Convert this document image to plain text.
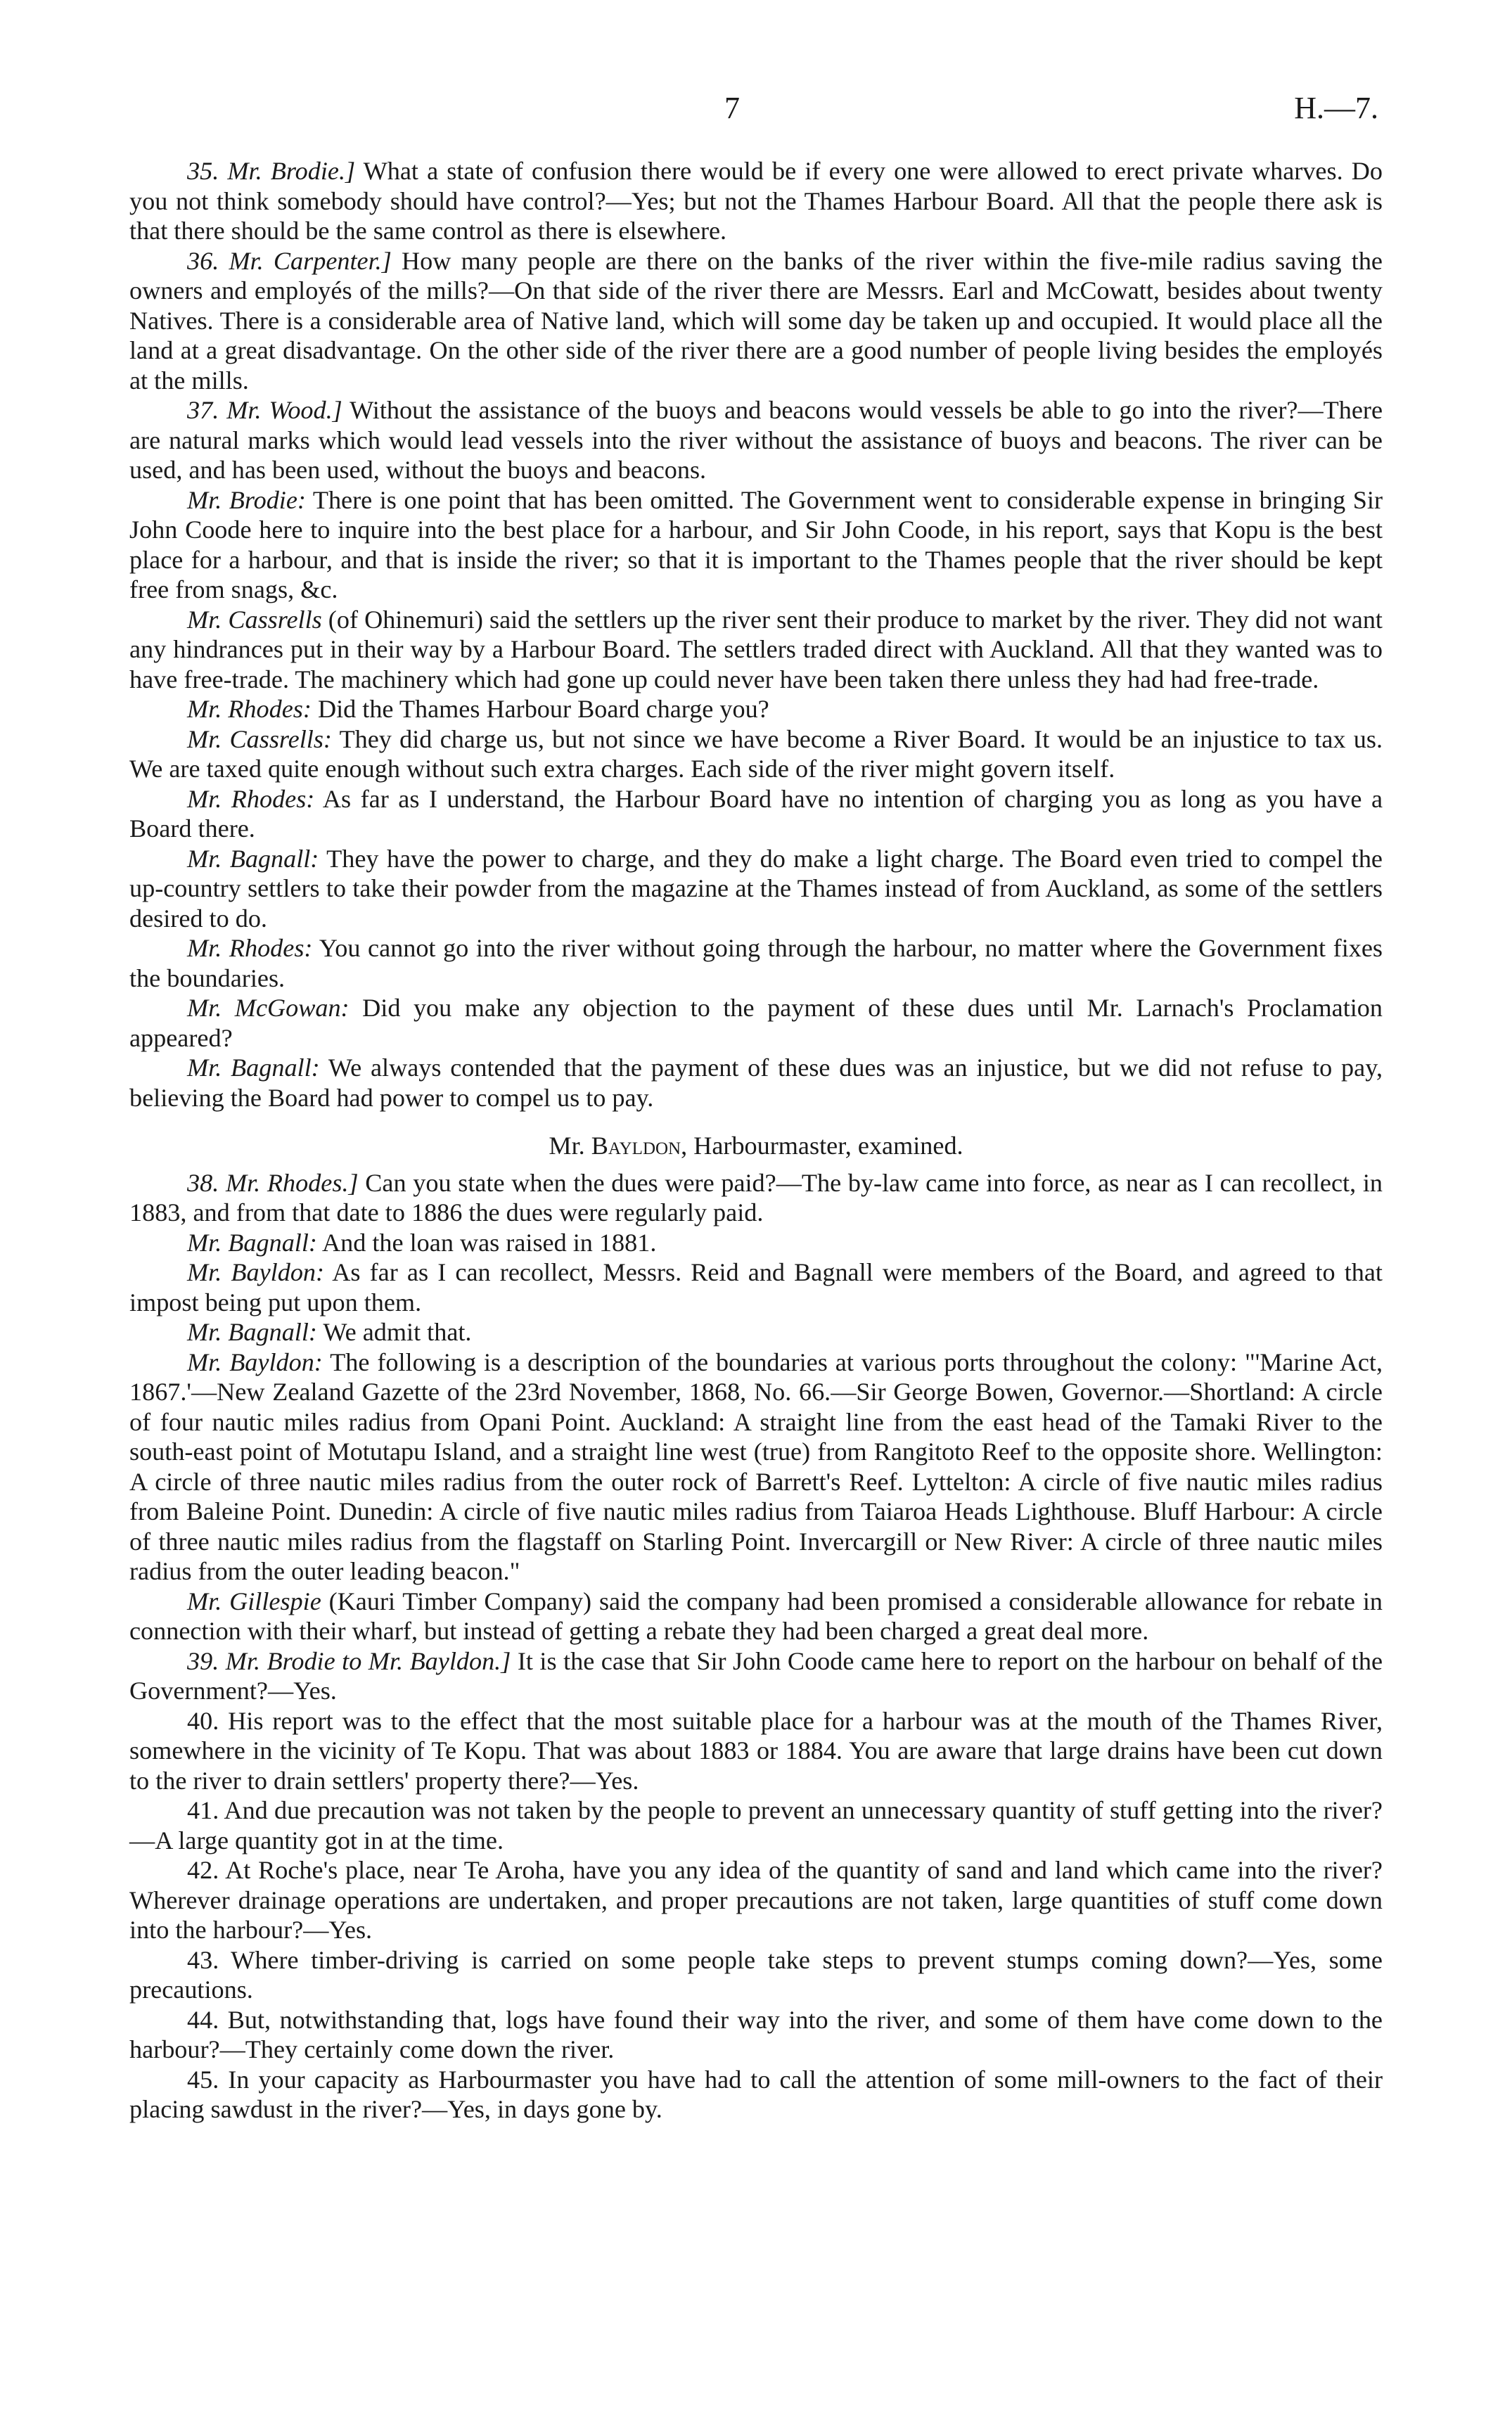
7	H.—7.

35. Mr. Brodie.] What a state of confusion there would be if every one were allowed to erect private wharves. Do you not think somebody should have control?—Yes; but not the Thames Harbour Board. All that the people there ask is that there should be the same control as there is elsewhere.

36. Mr. Carpenter.] How many people are there on the banks of the river within the five-mile radius saving the owners and employés of the mills?—On that side of the river there are Messrs. Earl and McCowatt, besides about twenty Natives. There is a considerable area of Native land, which will some day be taken up and occupied. It would place all the land at a great disadvantage. On the other side of the river there are a good number of people living besides the employés at the mills.

37. Mr. Wood.] Without the assistance of the buoys and beacons would vessels be able to go into the river?—There are natural marks which would lead vessels into the river without the assistance of buoys and beacons. The river can be used, and has been used, without the buoys and beacons.

Mr. Brodie: There is one point that has been omitted. The Government went to considerable expense in bringing Sir John Coode here to inquire into the best place for a harbour, and Sir John Coode, in his report, says that Kopu is the best place for a harbour, and that is inside the river; so that it is important to the Thames people that the river should be kept free from snags, &c.

Mr. Cassrells (of Ohinemuri) said the settlers up the river sent their produce to market by the river. They did not want any hindrances put in their way by a Harbour Board. The settlers traded direct with Auckland. All that they wanted was to have free-trade. The machinery which had gone up could never have been taken there unless they had had free-trade.

Mr. Rhodes: Did the Thames Harbour Board charge you?

Mr. Cassrells: They did charge us, but not since we have become a River Board. It would be an injustice to tax us. We are taxed quite enough without such extra charges. Each side of the river might govern itself.

Mr. Rhodes: As far as I understand, the Harbour Board have no intention of charging you as long as you have a Board there.

Mr. Bagnall: They have the power to charge, and they do make a light charge. The Board even tried to compel the up-country settlers to take their powder from the magazine at the Thames instead of from Auckland, as some of the settlers desired to do.

Mr. Rhodes: You cannot go into the river without going through the harbour, no matter where the Government fixes the boundaries.

Mr. McGowan: Did you make any objection to the payment of these dues until Mr. Larnach's Proclamation appeared?

Mr. Bagnall: We always contended that the payment of these dues was an injustice, but we did not refuse to pay, believing the Board had power to compel us to pay.

Mr. Bayldon, Harbourmaster, examined.

38. Mr. Rhodes.] Can you state when the dues were paid?—The by-law came into force, as near as I can recollect, in 1883, and from that date to 1886 the dues were regularly paid.

Mr. Bagnall: And the loan was raised in 1881.

Mr. Bayldon: As far as I can recollect, Messrs. Reid and Bagnall were members of the Board, and agreed to that impost being put upon them.

Mr. Bagnall: We admit that.

Mr. Bayldon: The following is a description of the boundaries at various ports throughout the colony: "'Marine Act, 1867.'—New Zealand Gazette of the 23rd November, 1868, No. 66.—Sir George Bowen, Governor.—Shortland: A circle of four nautic miles radius from Opani Point. Auckland: A straight line from the east head of the Tamaki River to the south-east point of Motutapu Island, and a straight line west (true) from Rangitoto Reef to the opposite shore. Wellington: A circle of three nautic miles radius from the outer rock of Barrett's Reef. Lyttelton: A circle of five nautic miles radius from Baleine Point. Dunedin: A circle of five nautic miles radius from Taiaroa Heads Lighthouse. Bluff Harbour: A circle of three nautic miles radius from the flagstaff on Starling Point. Invercargill or New River: A circle of three nautic miles radius from the outer leading beacon."

Mr. Gillespie (Kauri Timber Company) said the company had been promised a considerable allowance for rebate in connection with their wharf, but instead of getting a rebate they had been charged a great deal more.

39. Mr. Brodie to Mr. Bayldon.] It is the case that Sir John Coode came here to report on the harbour on behalf of the Government?—Yes.

40. His report was to the effect that the most suitable place for a harbour was at the mouth of the Thames River, somewhere in the vicinity of Te Kopu. That was about 1883 or 1884. You are aware that large drains have been cut down to the river to drain settlers' property there?—Yes.

41. And due precaution was not taken by the people to prevent an unnecessary quantity of stuff getting into the river?—A large quantity got in at the time.

42. At Roche's place, near Te Aroha, have you any idea of the quantity of sand and land which came into the river? Wherever drainage operations are undertaken, and proper precautions are not taken, large quantities of stuff come down into the harbour?—Yes.

43. Where timber-driving is carried on some people take steps to prevent stumps coming down?—Yes, some precautions.

44. But, notwithstanding that, logs have found their way into the river, and some of them have come down to the harbour?—They certainly come down the river.

45. In your capacity as Harbourmaster you have had to call the attention of some mill-owners to the fact of their placing sawdust in the river?—Yes, in days gone by.
